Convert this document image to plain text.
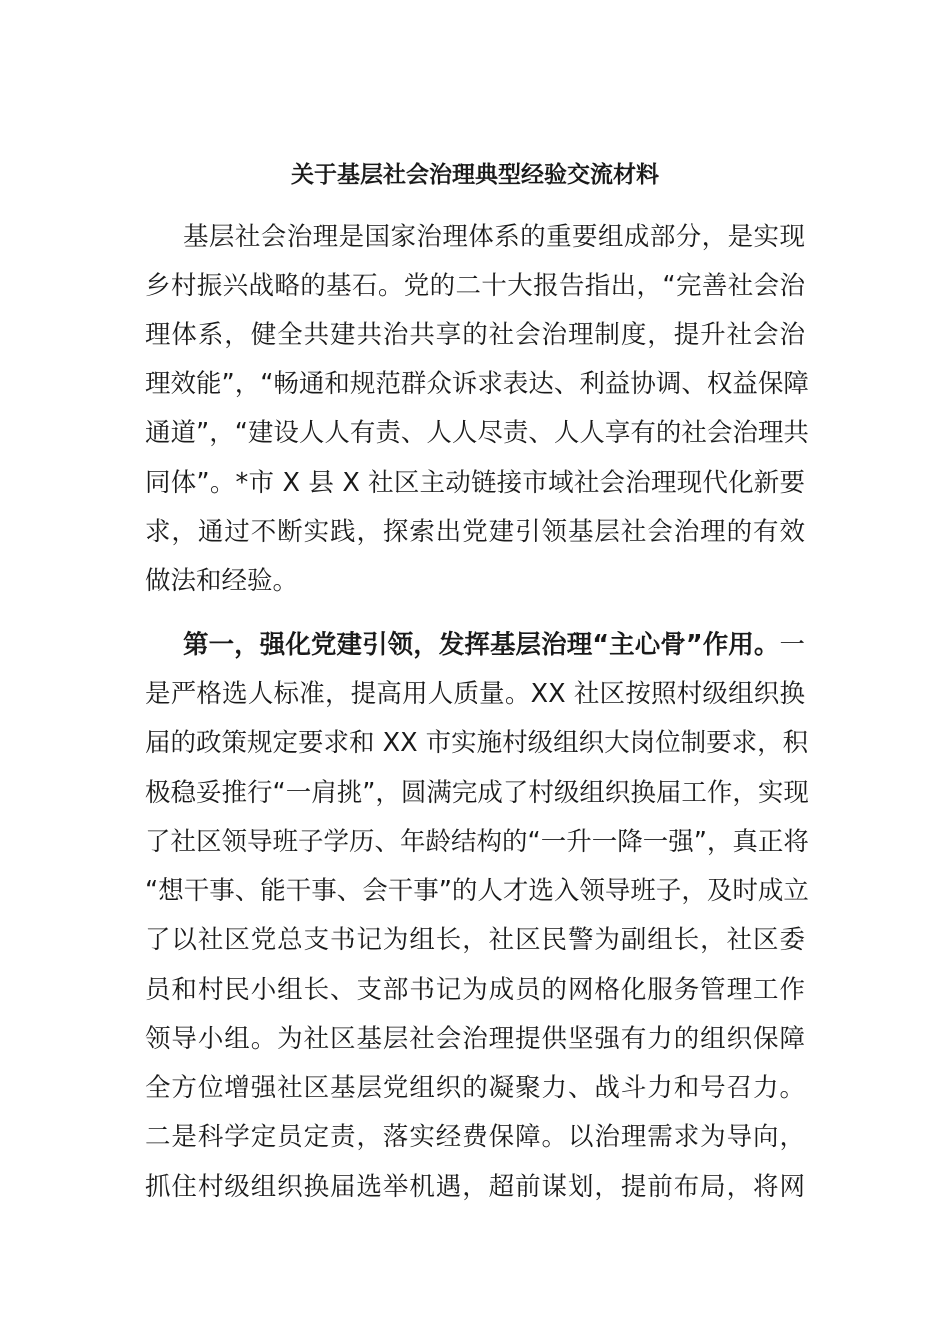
关于基层社会治理典型经验交流材料
基层社会治理是国家治理体系的重要组成部分，是实现
乡村振兴战略的基石。党的二十大报告指出，“完善社会治
理体系，健全共建共治共享的社会治理制度，提升社会治
理效能”，“畅通和规范群众诉求表达、利益协调、权益保障
通道”，“建设人人有责、人人尽责、人人享有的社会治理共
同体”。*市 X 县 X 社区主动链接市域社会治理现代化新要
求，通过不断实践，探索出党建引领基层社会治理的有效
做法和经验。
第一，强化党建引领，发挥基层治理“主心骨”作用。一
是严格选人标准，提高用人质量。XX 社区按照村级组织换
届的政策规定要求和 XX 市实施村级组织大岗位制要求，积
极稳妥推行“一肩挑”，圆满完成了村级组织换届工作，实现
了社区领导班子学历、年龄结构的“一升一降一强”，真正将
“想干事、能干事、会干事”的人才选入领导班子，及时成立
了以社区党总支书记为组长，社区民警为副组长，社区委
员和村民小组长、支部书记为成员的网格化服务管理工作
领导小组。为社区基层社会治理提供坚强有力的组织保障
全方位增强社区基层党组织的凝聚力、战斗力和号召力。
二是科学定员定责，落实经费保障。以治理需求为导向，
抓住村级组织换届选举机遇，超前谋划，提前布局，将网
